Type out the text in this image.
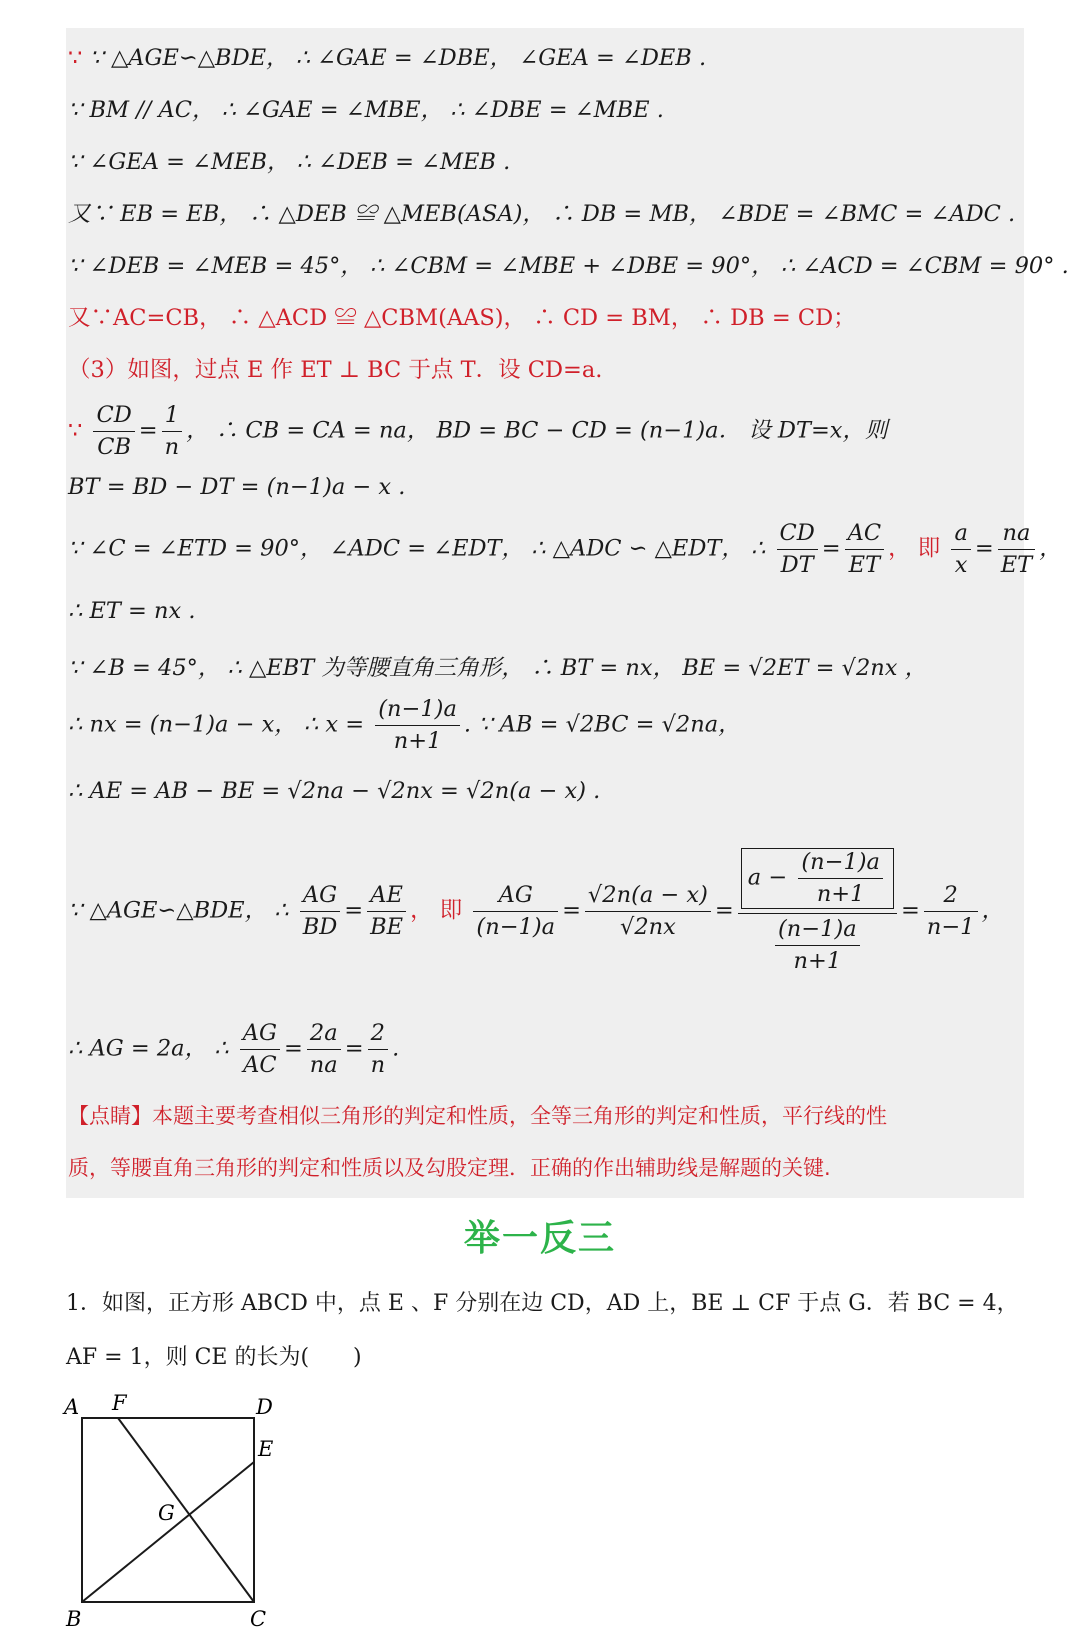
∵ ∵ △AGE∽△BDE， ∴ ∠GAE = ∠DBE， ∠GEA = ∠DEB .
∵ BM // AC， ∴ ∠GAE = ∠MBE， ∴ ∠DBE = ∠MBE .
∵ ∠GEA = ∠MEB， ∴ ∠DEB = ∠MEB .
又∵ EB = EB， ∴ △DEB ≌ △MEB(ASA)， ∴ DB = MB， ∠BDE = ∠BMC = ∠ADC .
∵ ∠DEB = ∠MEB = 45°， ∴ ∠CBM = ∠MBE + ∠DBE = 90°， ∴ ∠ACD = ∠CBM = 90° .
又∵AC=CB， ∴ △ACD ≌ △CBM(AAS)， ∴ CD = BM， ∴ DB = CD；
（3）如图，过点 E 作 ET ⊥ BC 于点 T．设 CD=a.
∵ $\frac{CD}{CB} = \frac{1}{n}$ ， ∴ CB = CA = na， BD = BC − CD = (n−1)a． 设 DT=x，则
BT = BD − DT = (n−1)a − x .
∵ ∠C = ∠ETD = 90°， ∠ADC = ∠EDT， ∴ △ADC ∽ △EDT， ∴ $\frac{CD}{DT} = \frac{AC}{ET}$ ， 即 $\frac{a}{x} = \frac{na}{ET}$ ，
∴ ET = nx .
∵ ∠B = 45°， ∴ △EBT 为等腰直角三角形， ∴ BT = nx， BE = √2ET = √2nx ，
∴ nx = (n−1)a − x， ∴ $x = \frac{(n-1)a}{n+1}$ . ∵ AB = √2BC = √2na，
∴ AE = AB − BE = √2na − √2nx = √2n(a − x) .
∵ △AGE∽△BDE， ∴ $\frac{AG}{BD} = \frac{AE}{BE}$ ， 即 $\frac{AG}{(n-1)a} = \frac{√2n(a - x)}{√2nx} = \frac{a - \frac{(n-1)a}{n+1}}{\frac{(n-1)a}{n+1}} = \frac{2}{n-1}$ ，
∴ AG = 2a， ∴ $\frac{AG}{AC} = \frac{2a}{na} = \frac{2}{n}$ .
【点睛】本题主要考查相似三角形的判定和性质，全等三角形的判定和性质，平行线的性
质，等腰直角三角形的判定和性质以及勾股定理．正确的作出辅助线是解题的关键.
举一反三
1．如图，正方形 ABCD 中，点 E 、F 分别在边 CD，AD 上，BE ⊥ CF 于点 G．若 BC = 4，
AF = 1，则 CE 的长为(　　)
A F	D
E
G
B	C
